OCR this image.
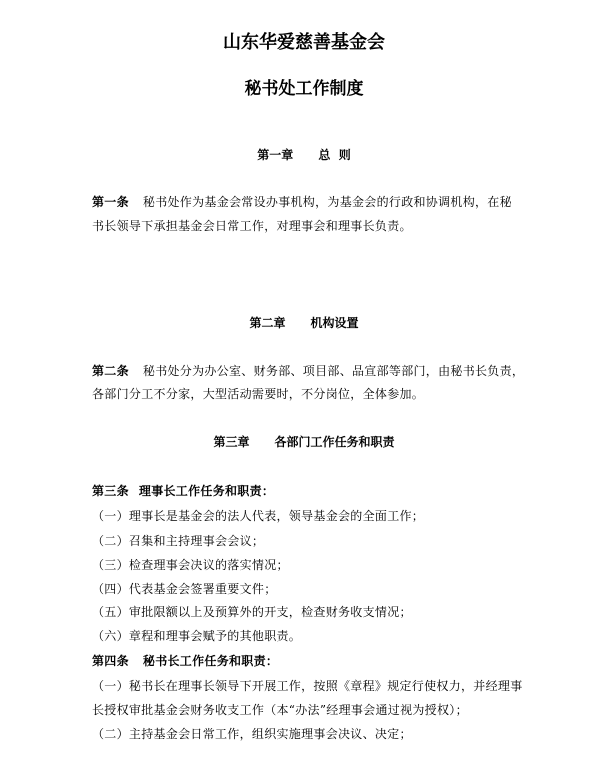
山东华爱慈善基金会
秘书处工作制度
第一章 总  则
第一条 秘书处作为基金会常设办事机构，为基金会的行政和协调机构，在秘
书长领导下承担基金会日常工作，对理事会和理事长负责。
第二章 机构设置
第二条 秘书处分为办公室、财务部、项目部、品宣部等部门，由秘书长负责，
各部门分工不分家，大型活动需要时，不分岗位，全体参加。
第三章 各部门工作任务和职责
第三条 理事长工作任务和职责：
（一）理事长是基金会的法人代表，领导基金会的全面工作；
（二）召集和主持理事会会议；
（三）检查理事会决议的落实情况；
（四）代表基金会签署重要文件；
（五）审批限额以上及预算外的开支，检查财务收支情况；
（六）章程和理事会赋予的其他职责。
第四条 秘书长工作任务和职责：
（一）秘书长在理事长领导下开展工作，按照《章程》规定行使权力，并经理事
长授权审批基金会财务收支工作（本“办法”经理事会通过视为授权）；
（二）主持基金会日常工作，组织实施理事会决议、决定；
